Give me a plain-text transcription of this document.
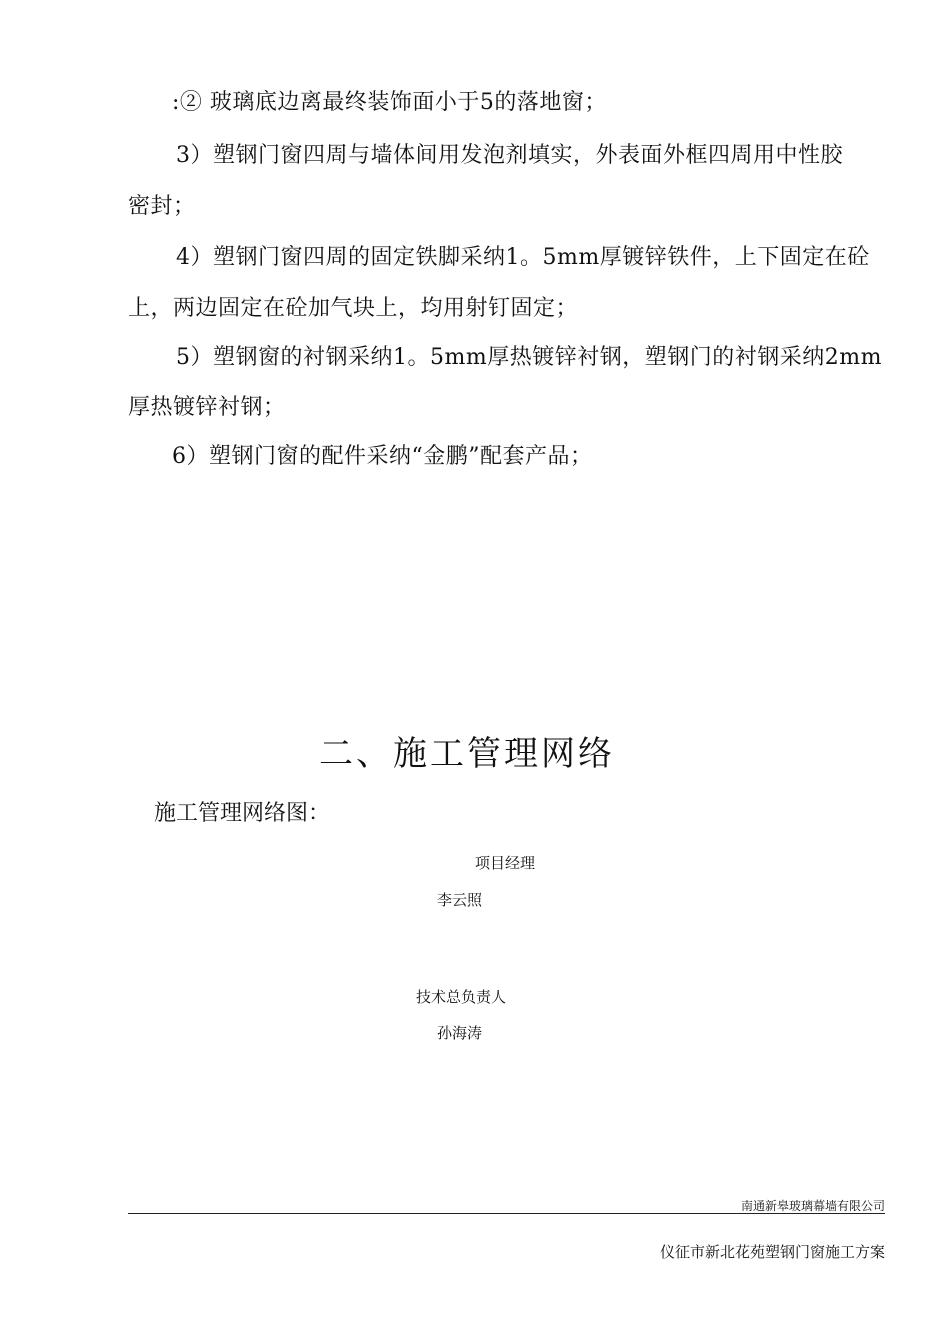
:② 玻璃底边离最终装饰面小于5的落地窗；
3）塑钢门窗四周与墙体间用发泡剂填实，外表面外框四周用中性胶
密封；
4）塑钢门窗四周的固定铁脚采纳1。5mm厚镀锌铁件，上下固定在砼
上，两边固定在砼加气块上，均用射钉固定；
5）塑钢窗的衬钢采纳1。5mm厚热镀锌衬钢，塑钢门的衬钢采纳2mm
厚热镀锌衬钢；
6）塑钢门窗的配件采纳“金鹏”配套产品；
二、施工管理网络
施工管理网络图：
项目经理
李云照
技术总负责人
孙海涛
南通新皋玻璃幕墙有限公司
仪征市新北花苑塑钢门窗施工方案
